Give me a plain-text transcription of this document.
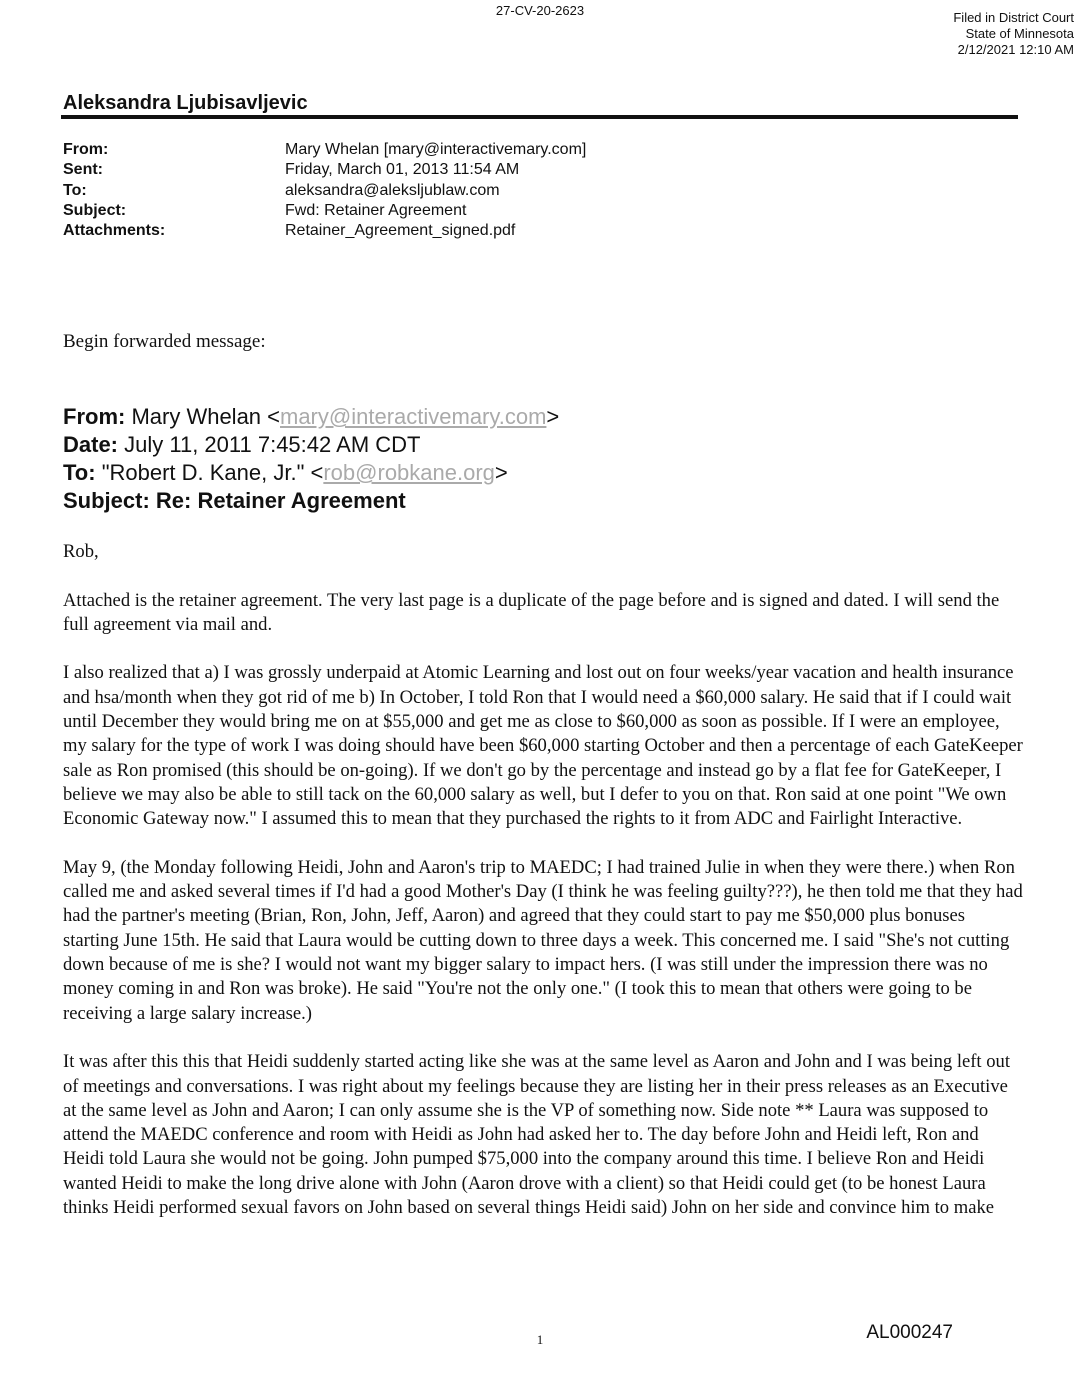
27-CV-20-2623	Filed in District Court
State of Minnesota
2/12/2021 12:10 AM
Aleksandra Ljubisavljevic
From:	Mary Whelan [mary@interactivemary.com]
Sent:	Friday, March 01, 2013 11:54 AM
To:	aleksandra@aleksljublaw.com
Subject:	Fwd: Retainer Agreement
Attachments:	Retainer_Agreement_signed.pdf
Begin forwarded message:
From: Mary Whelan <mary@interactivemary.com>
Date: July 11, 2011 7:45:42 AM CDT
To: "Robert D. Kane, Jr." <rob@robkane.org>
Subject: Re: Retainer Agreement

Rob,

Attached is the retainer agreement. The very last page is a duplicate of the page before and is signed and dated. I will send the full agreement via mail and.

I also realized that a) I was grossly underpaid at Atomic Learning and lost out on four weeks/year vacation and health insurance and hsa/month when they got rid of me b) In October, I told Ron that I would need a $60,000 salary. He said that if I could wait until December they would bring me on at $55,000 and get me as close to $60,000 as soon as possible. If I were an employee, my salary for the type of work I was doing should have been $60,000 starting October and then a percentage of each GateKeeper sale as Ron promised (this should be on-going). If we don't go by the percentage and instead go by a flat fee for GateKeeper, I believe we may also be able to still tack on the 60,000 salary as well, but I defer to you on that. Ron said at one point "We own Economic Gateway now." I assumed this to mean that they purchased the rights to it from ADC and Fairlight Interactive.

May 9, (the Monday following Heidi, John and Aaron's trip to MAEDC; I had trained Julie in when they were there.) when Ron called me and asked several times if I'd had a good Mother's Day (I think he was feeling guilty???), he then told me that they had had the partner's meeting (Brian, Ron, John, Jeff, Aaron) and agreed that they could start to pay me $50,000 plus bonuses starting June 15th. He said that Laura would be cutting down to three days a week. This concerned me. I said "She's not cutting down because of me is she? I would not want my bigger salary to impact hers. (I was still under the impression there was no money coming in and Ron was broke). He said "You're not the only one." (I took this to mean that others were going to be receiving a large salary increase.)

It was after this this that Heidi suddenly started acting like she was at the same level as Aaron and John and I was being left out of meetings and conversations. I was right about my feelings because they are listing her in their press releases as an Executive at the same level as John and Aaron; I can only assume she is the VP of something now. Side note ** Laura was supposed to attend the MAEDC conference and room with Heidi as John had asked her to. The day before John and Heidi left, Ron and Heidi told Laura she would not be going. John pumped $75,000 into the company around this time. I believe Ron and Heidi wanted Heidi to make the long drive alone with John (Aaron drove with a client) so that Heidi could get (to be honest Laura thinks Heidi performed sexual favors on John based on several things Heidi said) John on her side and convince him to make

1	AL000247
